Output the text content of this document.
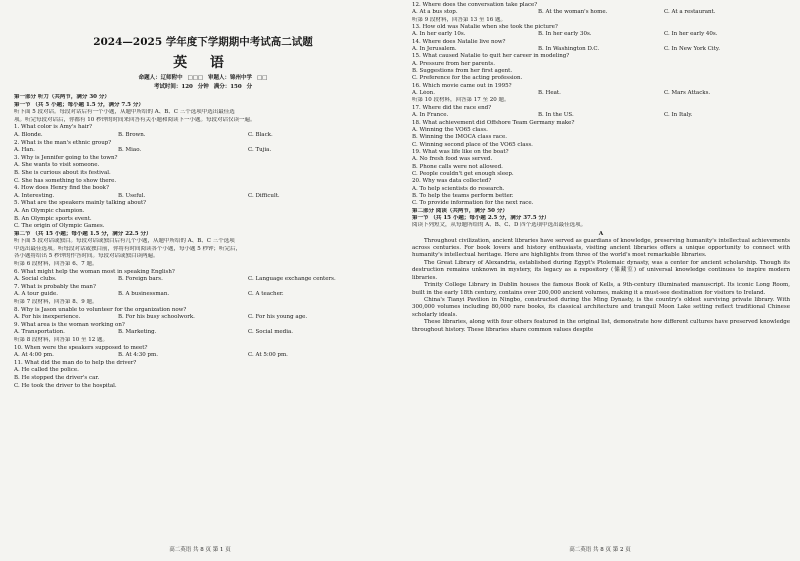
2024—2025 学年度下学期期中考试高二试题
英 语
命题人：辽师附中 □□□ 审题人：锦州中学 □□
考试时间：120 分钟 满分：150 分
第一部分 听力（共两节，满分 30 分）
第一节 （共 5 小题；每小题 1.5 分，满分 7.5 分）
听下面 5 段对话。每段对话后有一个小题，从题中所给的 A、B、C 三个选项中选出最佳选
项。听完每段对话后，你都有 10 秒钟的时间来回答有关小题和阅读下一小题。每段对话仅读一遍。
1. What color is Amy's hair?
A. Blonde.	B. Brown.	C. Black.
2. What is the man's ethnic group?
A. Han.	B. Miao.	C. Tujia.
3. Why is Jennifer going to the town?
A. She wants to visit someone.
B. She is curious about its festival.
C. She has something to show there.
4. How does Henry find the book?
A. Interesting.	B. Useful.	C. Difficult.
5. What are the speakers mainly talking about?
A. An Olympic champion.
B. An Olympic sports event.
C. The origin of Olympic Games.
第二节 （共 15 小题；每小题 1.5 分，满分 22.5 分）
听下面 5 段对话或独白。每段对话或独白后有几个小题，从题中所给的 A、B、C 三个选项
中选出最佳选项。听每段对话或独白前，你将有时间阅读各个小题，每小题 5 秒钟；听完后，
各小题将给出 5 秒钟的作答时间。每段对话或独白读两遍。
听第 6 段材料，回答第 6、7 题。
6. What might help the woman most in speaking English?
A. Social clubs.	B. Foreign bars.	C. Language exchange centers.
7. What is probably the man?
A. A tour guide.	B. A businessman.	C. A teacher.
听第 7 段材料，回答第 8、9 题。
8. Why is Jason unable to volunteer for the organization now?
A. For his inexperience.	B. For his busy schoolwork.	C. For his young age.
9. What area is the woman working on?
A. Transportation.	B. Marketing.	C. Social media.
听第 8 段材料，回答第 10 至 12 题。
10. When were the speakers supposed to meet?
A. At 4:00 pm.	B. At 4:30 pm.	C. At 5:00 pm.
11. What did the man do to help the driver?
A. He called the police.
B. He stopped the driver's car.
C. He took the driver to the hospital.
高二英语 共 8 页 第 1 页
12. Where does the conversation take place?
A. At a bus stop.	B. At the woman's home.	C. At a restaurant.
听第 9 段材料，回答第 13 至 16 题。
13. How old was Natalie when she took the picture?
A. In her early 10s.	B. In her early 30s.	C. In her early 40s.
14. Where does Natalie live now?
A. In Jerusalem.	B. In Washington D.C.	C. In New York City.
15. What caused Natalie to quit her career in modeling?
A. Pressure from her parents.
B. Suggestions from her first agent.
C. Preference for the acting profession.
16. Which movie came out in 1995?
A. Léon.	B. Heat.	C. Mars Attacks.
听第 10 段材料，回答第 17 至 20 题。
17. Where did the race end?
A. In France.	B. In the US.	C. In Italy.
18. What achievement did Offshore Team Germany make?
A. Winning the VO65 class.
B. Winning the IMOCA class race.
C. Winning second place of the VO65 class.
19. What was life like on the boat?
A. No fresh food was served.
B. Phone calls were not allowed.
C. People couldn't get enough sleep.
20. Why was data collected?
A. To help scientists do research.
B. To help the teams perform better.
C. To provide information for the next race.
第二部分 阅读（共两节，满分 50 分）
第一节 （共 15 小题；每小题 2.5 分，满分 37.5 分）
阅读下列短文，从每题所给的 A、B、C、D 四个选项中选出最佳选项。
A
Throughout civilization, ancient libraries have served as guardians of knowledge, preserving humanity's intellectual achievements across centuries. For book lovers and history enthusiasts, visiting ancient libraries offers a unique opportunity to connect with humanity's intellectual heritage. Here are highlights from three of the world's most remarkable libraries.
The Great Library of Alexandria, established during Egypt's Ptolemaic dynasty, was a center for ancient scholarship. Though its destruction remains unknown in mystery, its legacy as a repository (储藏室) of universal knowledge continues to inspire modern libraries.
Trinity College Library in Dublin houses the famous Book of Kells, a 9th-century illuminated manuscript. Its iconic Long Room, built in the early 18th century, contains over 200,000 ancient volumes, making it a must-see destination for visitors to Ireland.
China's Tianyi Pavilion in Ningbo, constructed during the Ming Dynasty, is the country's oldest surviving private library. With 300,000 volumes including 80,000 rare books, its classical architecture and tranquil Moon Lake setting reflect traditional Chinese scholarly ideals.
These libraries, along with four others featured in the original list, demonstrate how different cultures have preserved knowledge throughout history. These libraries share common values despite
高二英语 共 8 页 第 2 页
